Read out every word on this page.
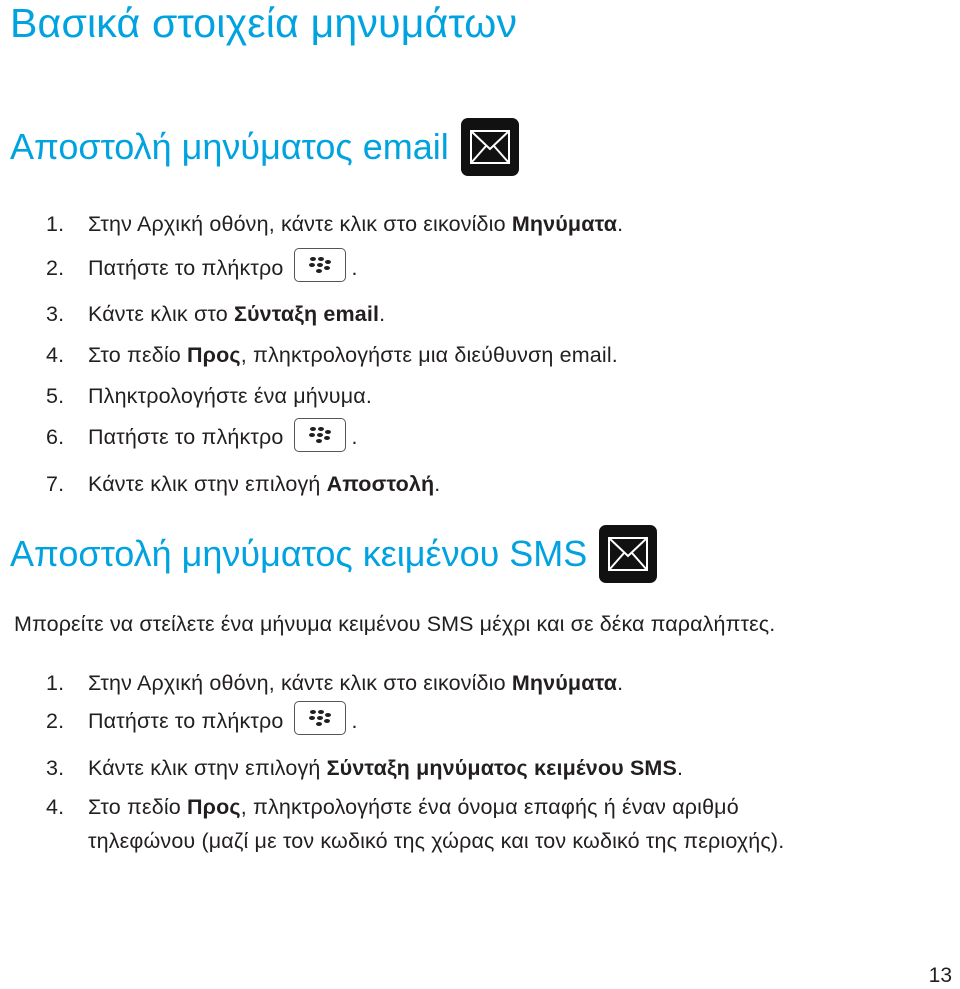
Βασικά στοιχεία μηνυμάτων
Αποστολή μηνύματος email
1. Στην Αρχική οθόνη, κάντε κλικ στο εικονίδιο Μηνύματα.
2. Πατήστε το πλήκτρο	.
3. Κάντε κλικ στο Σύνταξη email.
4. Στο πεδίο Προς, πληκτρολογήστε μια διεύθυνση email.
5. Πληκτρολογήστε ένα μήνυμα.
6. Πατήστε το πλήκτρο	.
7. Κάντε κλικ στην επιλογή Αποστολή.
Αποστολή μηνύματος κειμένου SMS

Μπορείτε να στείλετε ένα μήνυμα κειμένου SMS μέχρι και σε δέκα παραλήπτες.

1. Στην Αρχική οθόνη, κάντε κλικ στο εικονίδιο Μηνύματα.
2. Πατήστε το πλήκτρο	.
3. Κάντε κλικ στην επιλογή Σύνταξη μηνύματος κειμένου SMS.
4. Στο πεδίο Προς, πληκτρολογήστε ένα όνομα επαφής ή έναν αριθμό
τηλεφώνου (μαζί με τον κωδικό της χώρας και τον κωδικό της περιοχής).
13
